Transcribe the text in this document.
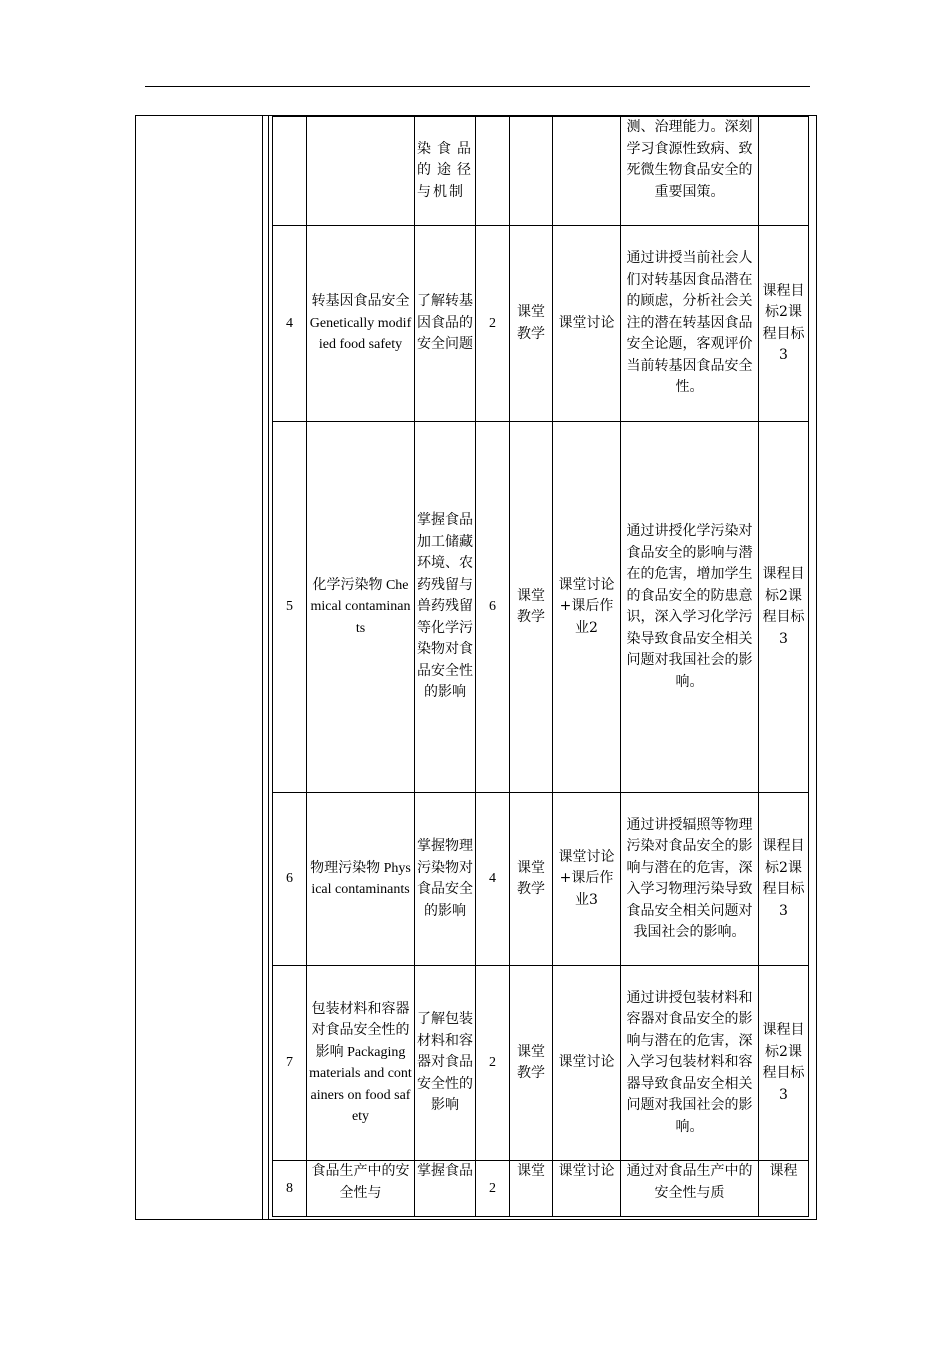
		染食品的途径与机制				测、治理能力。深刻学习食源性致病、致死微生物食品安全的重要国策。	
4	转基因食品安全 Genetically modified food safety	了解转基因食品的安全问题	2	课堂教学	课堂讨论	通过讲授当前社会人们对转基因食品潜在的顾虑，分析社会关注的潜在转基因食品安全论题，客观评价当前转基因食品安全性。	课程目标2课程目标3
5	化学污染物 Chemical contaminants	掌握食品加工储藏环境、农药残留与兽药残留等化学污染物对食品安全性的影响	6	课堂教学	课堂讨论+课后作业2	通过讲授化学污染对食品安全的影响与潜在的危害，增加学生的食品安全的防患意识，深入学习化学污染导致食品安全相关问题对我国社会的影响。	课程目标2课程目标3
6	物理污染物 Physical contaminants	掌握物理污染物对食品安全的影响	4	课堂教学	课堂讨论+课后作业3	通过讲授辐照等物理污染对食品安全的影响与潜在的危害，深入学习物理污染导致食品安全相关问题对我国社会的影响。	课程目标2课程目标3
7	包装材料和容器对食品安全性的影响 Packaging materials and containers on food safety	了解包装材料和容器对食品安全性的影响	2	课堂教学	课堂讨论	通过讲授包装材料和容器对食品安全的影响与潜在的危害，深入学习包装材料和容器导致食品安全相关问题对我国社会的影响。	课程目标2课程目标3
8	食品生产中的安全性与	掌握食品	2	课堂	课堂讨论	通过对食品生产中的安全性与质	课程
